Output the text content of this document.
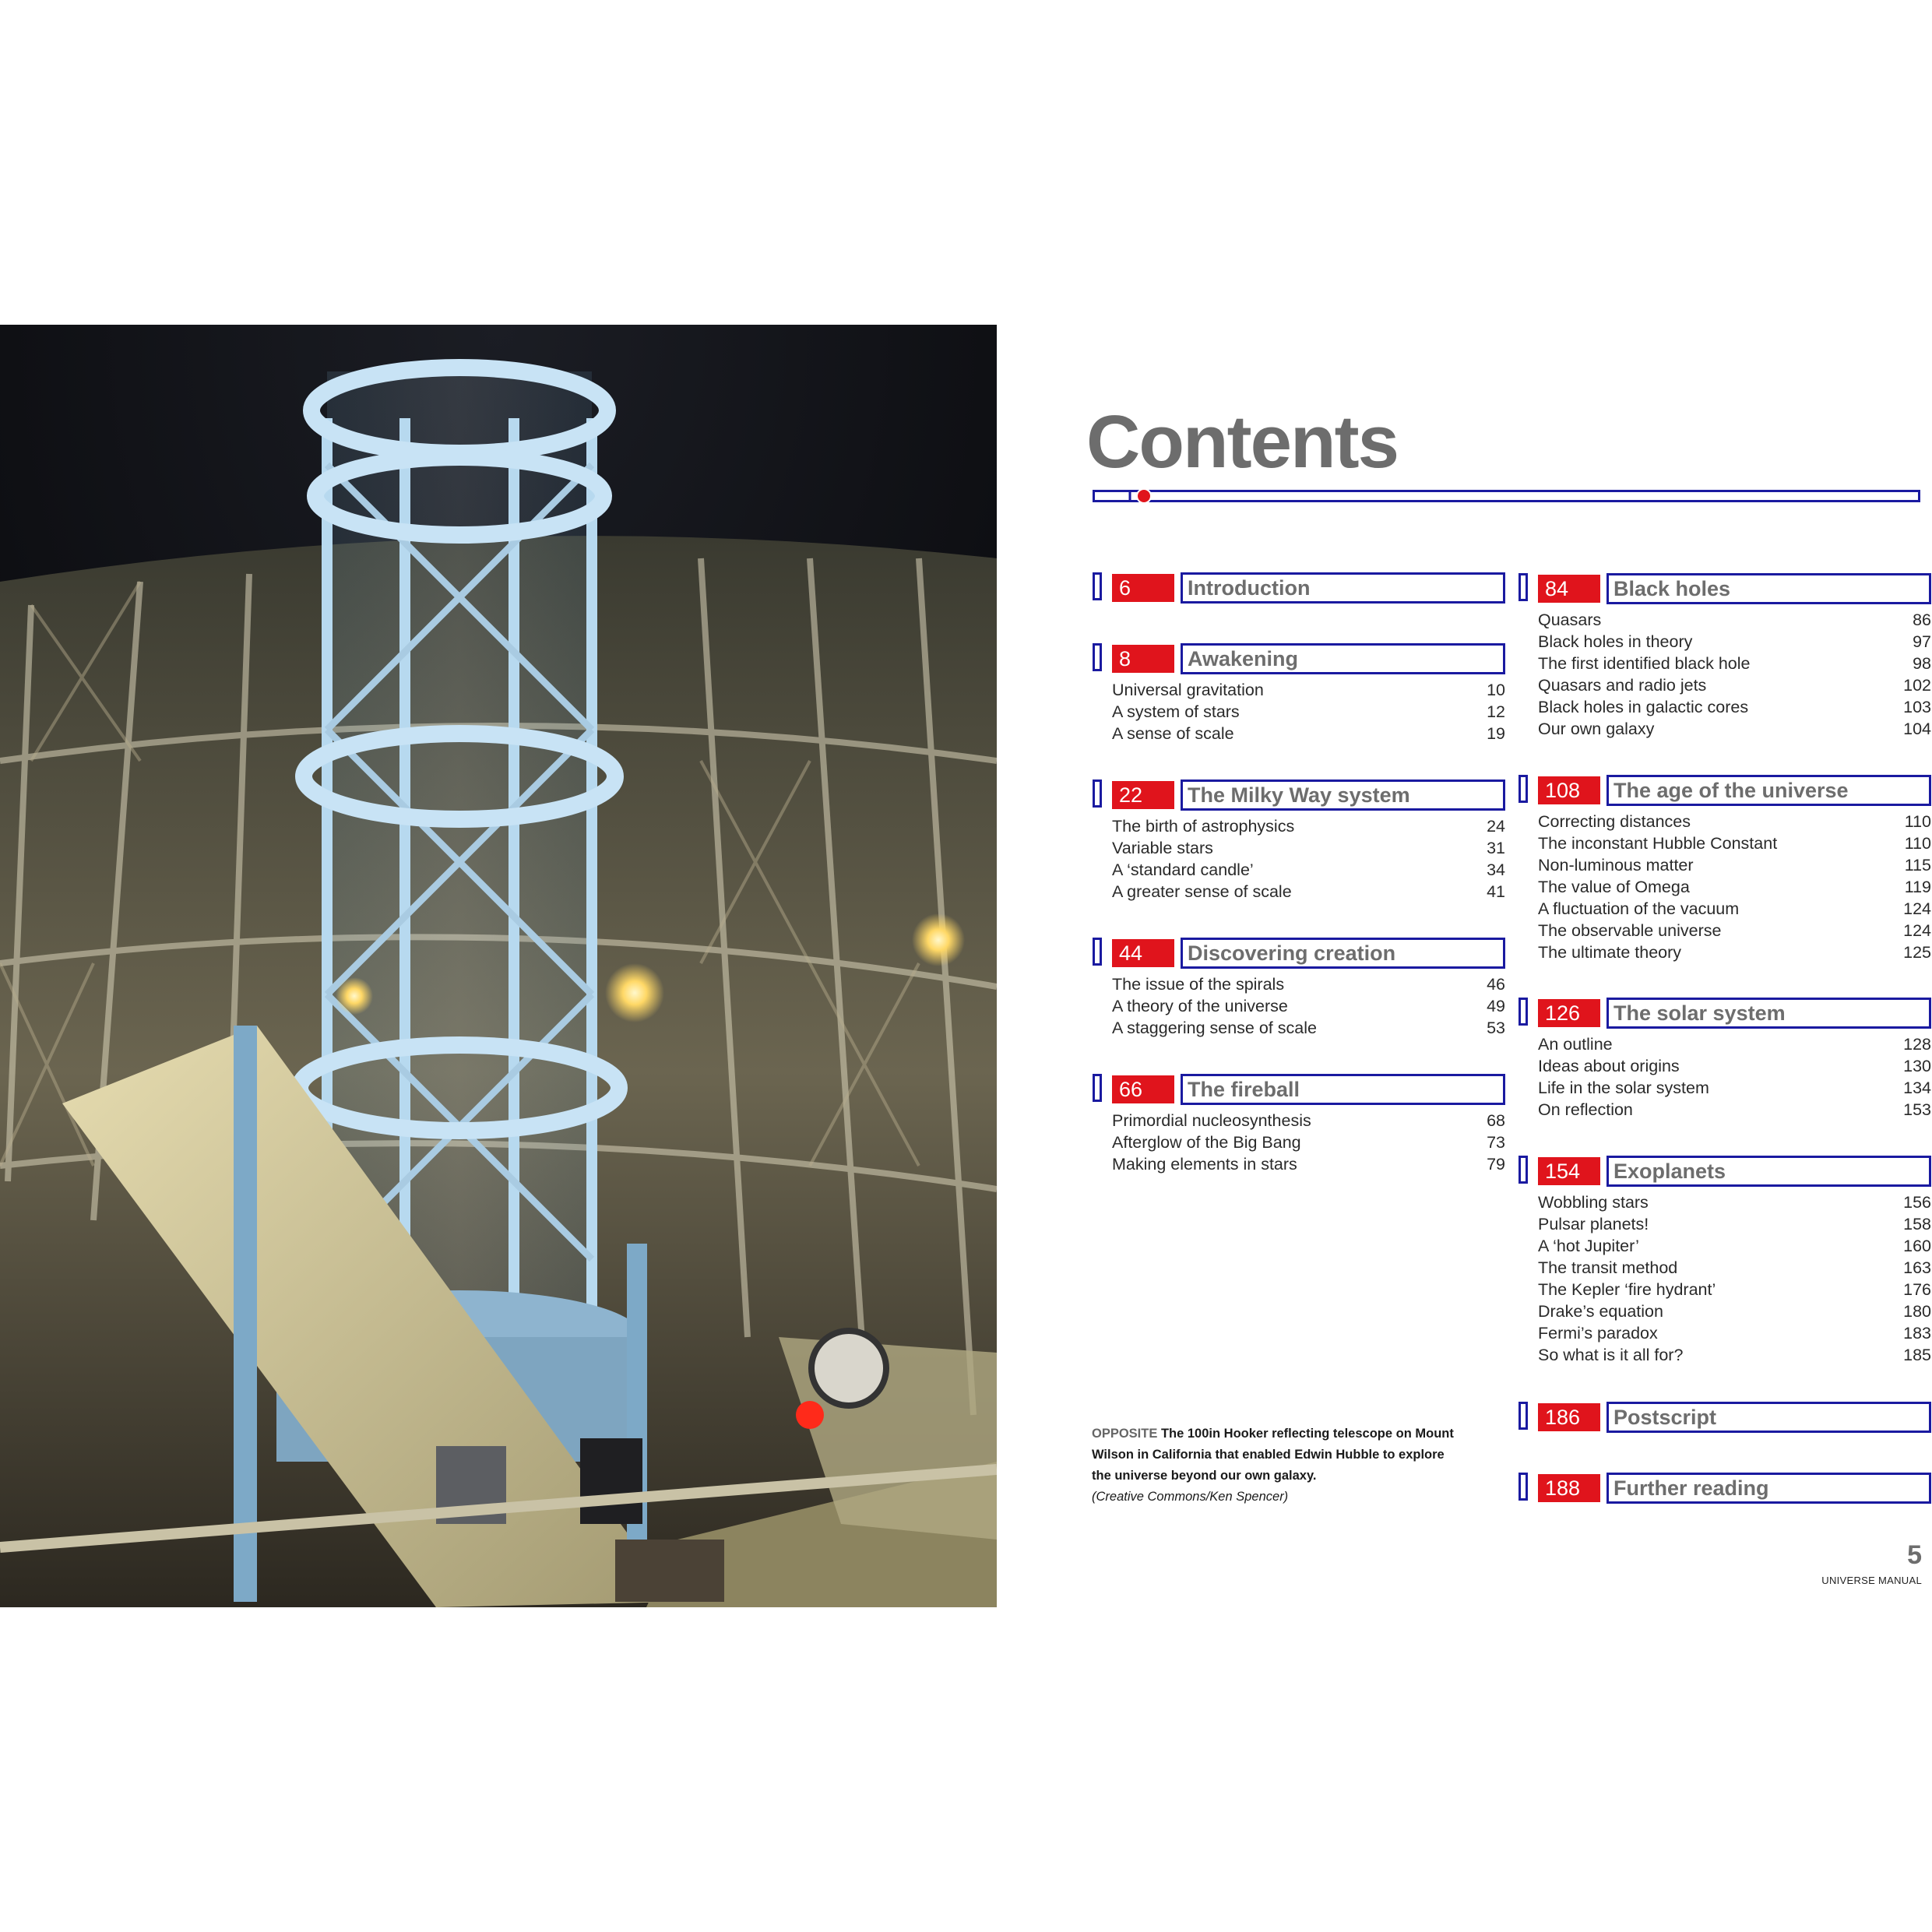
Contents
6	Introduction
8	Awakening
Universal gravitation	10
A system of stars	12
A sense of scale	19
22	The Milky Way system
The birth of astrophysics	24
Variable stars	31
A ‘standard candle’	34
A greater sense of scale	41
44	Discovering creation
The issue of the spirals	46
A theory of the universe	49
A staggering sense of scale	53
66	The fireball
Primordial nucleosynthesis	68
Afterglow of the Big Bang	73
Making elements in stars	79
84	Black holes
Quasars	86
Black holes in theory	97
The first identified black hole	98
Quasars and radio jets	102
Black holes in galactic cores	103
Our own galaxy	104
108	The age of the universe
Correcting distances	110
The inconstant Hubble Constant	110
Non-luminous matter	115
The value of Omega	119
A fluctuation of the vacuum	124
The observable universe	124
The ultimate theory	125
126	The solar system
An outline	128
Ideas about origins	130
Life in the solar system	134
On reflection	153
154	Exoplanets
Wobbling stars	156
Pulsar planets!	158
A ‘hot Jupiter’	160
The transit method	163
The Kepler ‘fire hydrant’	176
Drake’s equation	180
Fermi’s paradox	183
So what is it all for?	185
186	Postscript
188	Further reading
OPPOSITE The 100in Hooker reflecting telescope on Mount Wilson in California that enabled Edwin Hubble to explore the universe beyond our own galaxy.
(Creative Commons/Ken Spencer)
5
UNIVERSE MANUAL
